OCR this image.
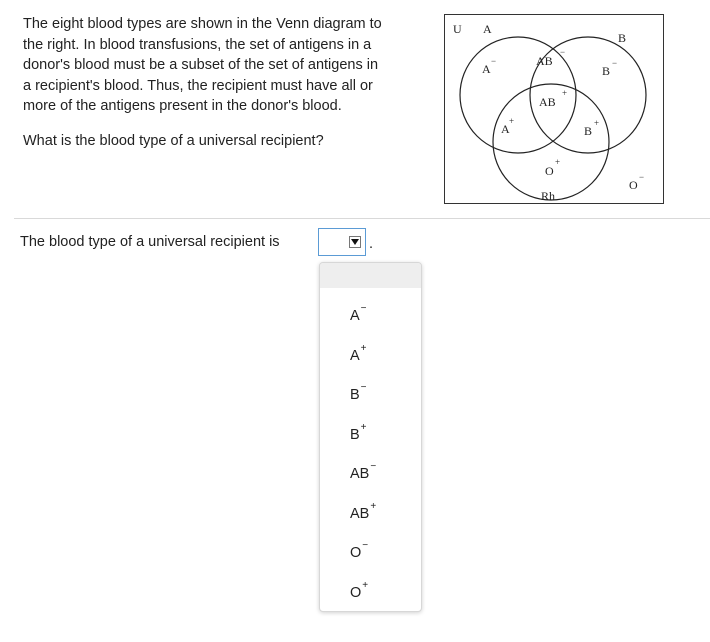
The eight blood types are shown in the Venn diagram to
the right. In blood transfusions, the set of antigens in a
donor's blood must be a subset of the set of antigens in
a recipient's blood. Thus, the recipient must have all or
more of the antigens present in the donor's blood.
What is the blood type of a universal recipient?
U A
B
Rh
A
−	AB
−
B
−
AB
+
A
+
B
+
O
+
O
−
The blood type of a universal recipient is	.
A−
A+
B−
B+
AB−
AB+
O−
O+
